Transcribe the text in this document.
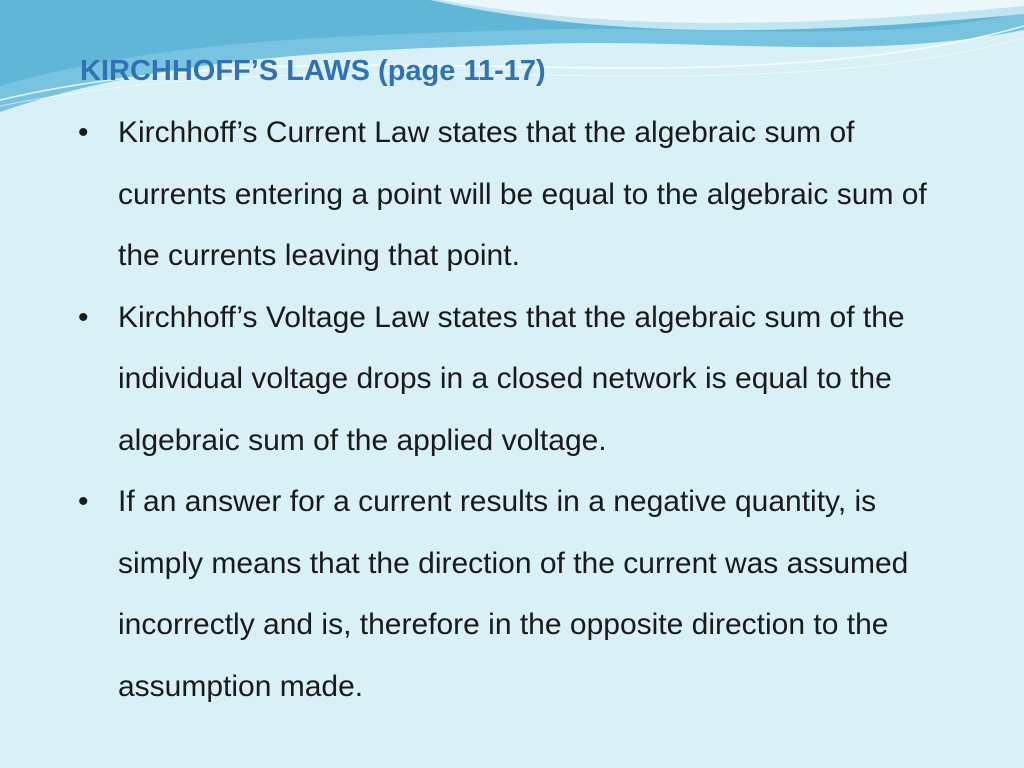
KIRCHHOFF’S LAWS (page 11-17)
• Kirchhoff’s Current Law states that the algebraic sum of currents entering a point will be equal to the algebraic sum of the currents leaving that point.
• Kirchhoff’s Voltage Law states that the algebraic sum of the individual voltage drops in a closed network is equal to the algebraic sum of the applied voltage.
• If an answer for a current results in a negative quantity, is simply means that the direction of the current was assumed incorrectly and is, therefore in the opposite direction to the assumption made.
